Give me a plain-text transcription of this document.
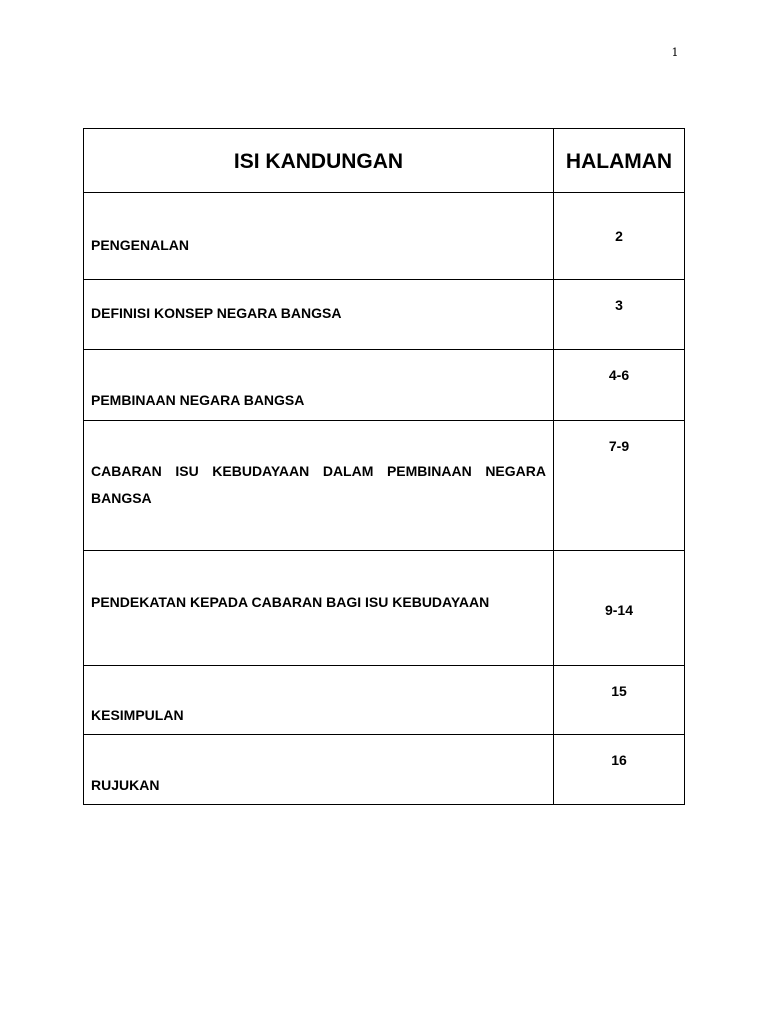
1
ISI KANDUNGAN	HALAMAN

PENGENALAN	2

DEFINISI KONSEP NEGARA BANGSA	3

PEMBINAAN NEGARA BANGSA	4-6

CABARAN ISU KEBUDAYAAN DALAM PEMBINAAN NEGARA BANGSA	7-9

PENDEKATAN KEPADA CABARAN BAGI ISU KEBUDAYAAN	9-14

KESIMPULAN	15

RUJUKAN	16
